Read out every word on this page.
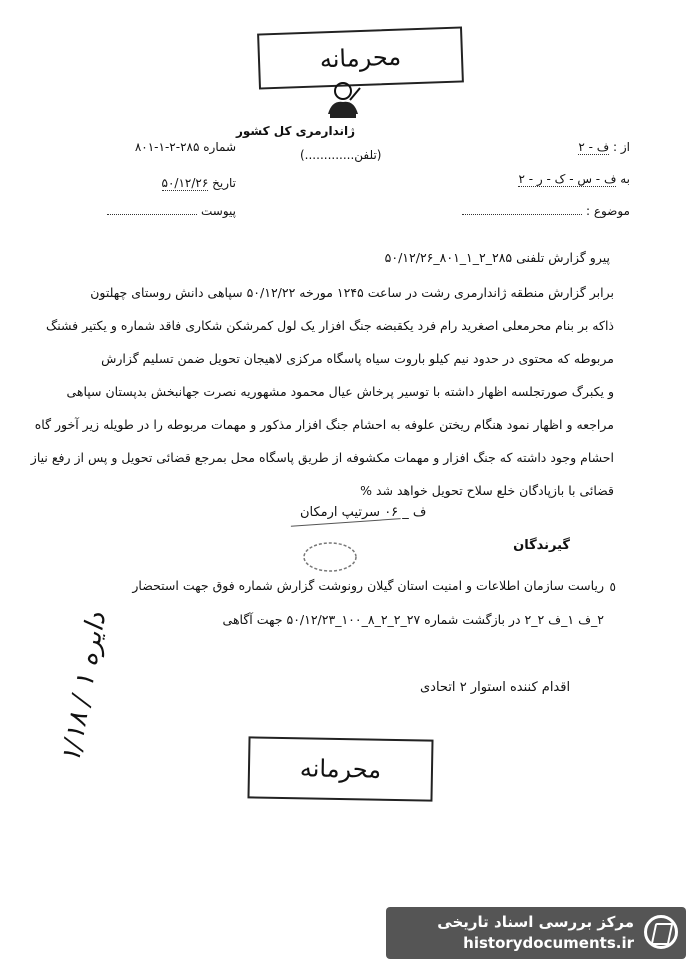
محرمانه
ژاندارمری کل کشور
شماره ۲۸۵-۲-۱-۸۰۱
(تلفن.............)
تاریخ ۵۰/۱۲/۲۶
پیوست
از : ف - ۲
به ف - س - ک - ر - ۲
موضوع :
پیرو گزارش تلفنی ۲۸۵_۲_۱_۸۰۱_۵۰/۱۲/۲۶
برابر گزارش منطقه ژاندارمری رشت در ساعت ۱۲۴۵ مورخه ۵۰/۱۲/۲۲ سپاهی دانش روستای چهلتون
ذاکه بر بنام محرمعلی اصغرید رام فرد یکقبضه جنگ افزار یک لول کمرشکن شکاری فاقد شماره و یکتیر فشنگ
مربوطه که محتوی در حدود نیم کیلو باروت سیاه پاسگاه مرکزی لاهیجان تحویل ضمن تسلیم گزارش
و یکبرگ صورتجلسه اظهار داشته با توسیر پرخاش عیال محمود مشهوریه نصرت جهانبخش بدپستان سپاهی
مراجعه و اظهار نمود هنگام ریختن علوفه به احشام جنگ افزار مذکور و مهمات مربوطه را در طویله زیر آخور گاه
احشام وجود داشته که جنگ افزار و مهمات مکشوفه از طریق پاسگاه محل بمرجع قضائی تحویل و پس از رفع نیاز
قضائی با بازپادگان خلع سلاح تحویل خواهد شد %
ف _ ۰۶ سرتیپ ارمکان
گیرندگان
ریاست سازمان اطلاعات و امنیت استان گیلان رونوشت گزارش شماره فوق جهت استحضار ٥
۲_ف ۱_ف ۲_۲ در بازگشت شماره ۲۷_۲_۲_۸_۱۰۰_۵۰/۱۲/۲۳ جهت آگاهی
اقدام کننده استوار ۲ اتحادی
دایره ۱ / ۱/۱۸
محرمانه
مرکز بررسی اسناد تاریخی
historydocuments.ir
